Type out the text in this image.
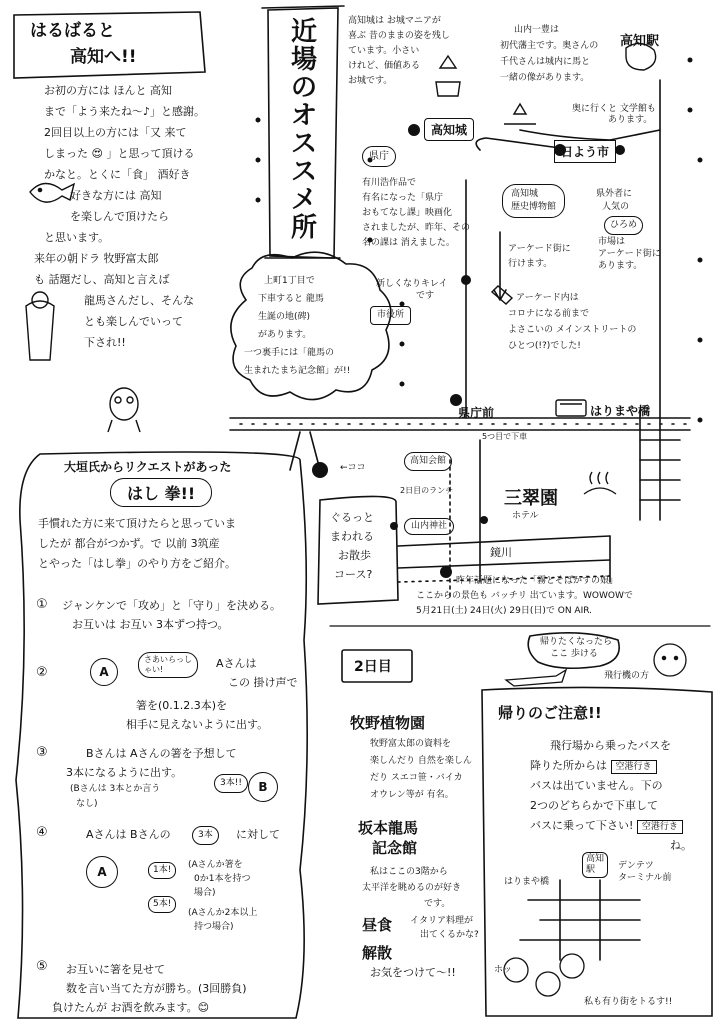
はるばると
高知へ!!
お初の方には ほんと 高知
まで「よう来たね〜♪」と感謝。
2回目以上の方には「又 来て
しまった 😍 」と思って頂ける
かなと。とくに「食」 酒好き
好きな方には 高知
を楽しんで頂けたら
と思います。
来年の朝ドラ 牧野富太郎
も 話題だし、高知と言えば
龍馬さんだし、そんな
とも楽しんでいって
下され!!
近
場
の
オ
ス
ス
メ
所
上町1丁目で
下車すると 龍馬
生誕の地(碑)
があります。
一つ裏手には「龍馬の
生まれたまち記念館」が!!
高知城は お城マニアが
喜ぶ 昔のままの姿を残し
ています。小さい
けれど、価値ある
お城です。
山内一豊は
初代藩主です。奥さんの
千代さんは城内に馬と
一緒の像があります。
高知駅
高知城
県庁
奥に行くと 文学館も
あります。
日よう市
有川浩作品で
有名になった「県庁
おもてなし課」映画化
されましたが、昨年、その
名の課は 消えました。
高知城
歴史博物館
県外者に
人気の
ひろめ
市場は
アーケード街に
あります。
アーケード街に
行けます。
アーケード内は
コロナになる前まで
よさこいの メインストリートの
ひとつ(!?)でした!
新しくなりキレイ
です
市役所
県庁前
5つ目で下車
はりまや橋
←ココ
大垣氏からリクエストがあった
はし 拳!!
手慣れた方に来て頂けたらと思っていま
したが 都合がつかず。で 以前 3筑産
とやった「はし拳」のやり方をご紹介。
① ジャンケンで「攻め」と「守り」を決める。
お互いは お互い 3本ずつ持つ。
②	A
さあいらっしゃい!	Aさんは
この 掛け声で
箸を(0.1.2.3本)を
相手に見えないように出す。
③	Bさんは Aさんの箸を予想して
3本になるように出す。
(Bさんは 3本とか言う
なし)
3本!!	B
④	Aさんは Bさんの	3本	に対して
A	1本!
5本!
(Aさんか箸を
0か1本を持つ
場合)
(Aさんか2本以上
持つ場合)
⑤ お互いに箸を見せて
数を言い当てた方が勝ち。(3回勝負)
負けたんが お酒を飲みます。😊
ぐるっと
まわれる
お散歩
コース?
高知会館
2日目のランチ	三翠園
ホテル
山内神社
鏡川
昨年話題になった「霧とそばかすの娘」
ここからの景色も バッチリ 出ています。WOWOWで
5月21日(土) 24日(火) 29日(日)で ON AIR.
2日目
牧野植物園
牧野富太郎の資料を
楽しんだり 自然を楽しん
だり スエコ笹・バイカ
オウレン等が 有名。
坂本龍馬
記念館
私はここの3階から
太平洋を眺めるのが好き
です。
昼食 イタリア料理が
出てくるかな?
解散
お気をつけて〜!!
帰りたくなったら
ここ 歩ける
飛行機の方
帰りのご注意!!
飛行場から乗ったバスを
降りた所からは 空港行き
バスは出ていません。下の
2つのどちらかで下車して
バスに乗って下さい! 空港行き
ね。
はりまや橋
高知
駅	デンテツ
ターミナル前
ホッ
私も有り街をトるす!!
